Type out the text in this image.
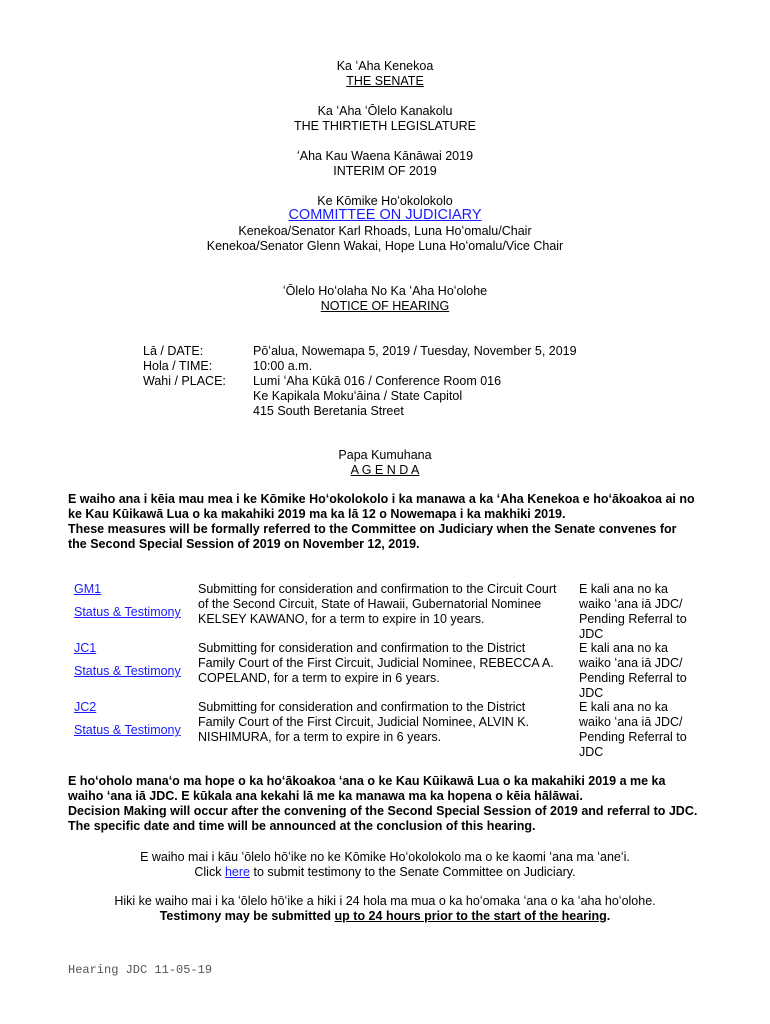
Ka ʻAha Kenekoa
THE SENATE
Ka ʻAha ʻŌlelo Kanakolu
THE THIRTIETH LEGISLATURE
ʻAha Kau Waena Kānāwai 2019
INTERIM OF 2019
Ke Kōmike Hoʻokolokolo
COMMITTEE ON JUDICIARY
Kenekoa/Senator Karl Rhoads, Luna Hoʻomalu/Chair
Kenekoa/Senator Glenn Wakai, Hope Luna Hoʻomalu/Vice Chair
ʻŌlelo Hoʻolaha No Ka ʻAha Hoʻolohe
NOTICE OF HEARING
Lā / DATE:
Hola / TIME:
Wahi / PLACE:
Pōʻalua, Nowemapa 5, 2019 / Tuesday, November 5, 2019
10:00 a.m.
Lumi ʻAha Kūkā 016 / Conference Room 016
Ke Kapikala Mokuʻāina / State Capitol
415 South Beretania Street
Papa Kumuhana
A G E N D A
E waiho ana i kēia mau mea i ke Kōmike Hoʻokolokolo i ka manawa a ka ʻAha Kenekoa e hoʻākoakoa ai no
ke Kau Kūikawā Lua o ka makahiki 2019 ma ka lā 12 o Nowemapa i ka makhiki 2019.
These measures will be formally referred to the Committee on Judiciary when the Senate convenes for
the Second Special Session of 2019 on November 12, 2019.
GM1
Status & Testimony
Submitting for consideration and confirmation to the Circuit Court
of the Second Circuit, State of Hawaii, Gubernatorial Nominee
KELSEY KAWANO, for a term to expire in 10 years.
E kali ana no ka
waiko ʻana iā JDC/
Pending Referral to
JDC
JC1
Status & Testimony
Submitting for consideration and confirmation to the District
Family Court of the First Circuit, Judicial Nominee, REBECCA A.
COPELAND, for a term to expire in 6 years.
E kali ana no ka
waiko ʻana iā JDC/
Pending Referral to
JDC
JC2
Status & Testimony
Submitting for consideration and confirmation to the District
Family Court of the First Circuit, Judicial Nominee, ALVIN K.
NISHIMURA, for a term to expire in 6 years.
E kali ana no ka
waiko ʻana iā JDC/
Pending Referral to
JDC
E hoʻoholo manaʻo ma hope o ka hoʻākoakoa ʻana o ke Kau Kūikawā Lua o ka makahiki 2019 a me ka
waiho ʻana iā JDC. E kūkala ana kekahi lā me ka manawa ma ka hopena o kēia hālāwai.
Decision Making will occur after the convening of the Second Special Session of 2019 and referral to JDC.
The specific date and time will be announced at the conclusion of this hearing.
E waiho mai i kāu ʻōlelo hōʻike no ke Kōmike Hoʻokolokolo ma o ke kaomi ʻana ma ʻaneʻi.
Click here to submit testimony to the Senate Committee on Judiciary.
Hiki ke waiho mai i ka ʻōlelo hōʻike a hiki i 24 hola ma mua o ka hoʻomaka ʻana o ka ʻaha hoʻolohe.
Testimony may be submitted up to 24 hours prior to the start of the hearing.
Hearing JDC 11-05-19
